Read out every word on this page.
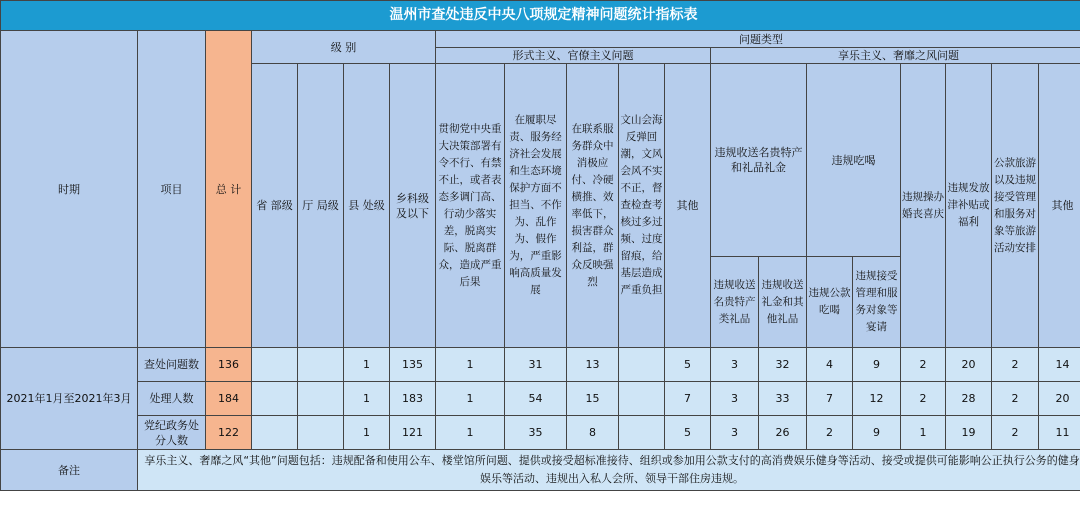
温州市查处违反中央八项规定精神问题统计指标表																			
时期	项目	总 计	级 别				问题类型												
							形式主义、官僚主义问题					享乐主义、奢靡之风问题							
			省 部级	厅 局级	县 处级	乡科级及以下	贯彻党中央重大决策部署有令不行、有禁不止，或者表态多调门高、行动少落实差，脱离实际、脱离群众，造成严重后果	在履职尽责、服务经济社会发展和生态环境保护方面不担当、不作为、乱作为、假作为，严重影响高质量发展	在联系服务群众中消极应付、冷硬横推、效率低下，损害群众利益，群众反映强烈	文山会海反弹回潮，文风会风不实不正，督查检查考核过多过频、过度留痕，给基层造成严重负担	其他	违规收送名贵特产和礼品礼金		违规吃喝		违规操办婚丧喜庆	违规发放津补贴或福利	公款旅游以及违规接受管理和服务对象等旅游活动安排	其他
												违规收送名贵特产类礼品	违规收送礼金和其他礼品	违规公款吃喝	违规接受管理和服务对象等宴请				

2021年1月至2021年3月	查处问题数	136			1	135	1	31	13		5	3	32	4	9	2	20	2	14
	处理人数	184			1	183	1	54	15		7	3	33	7	12	2	28	2	20
	党纪政务处分人数	122			1	121	1	35	8		5	3	26	2	9	1	19	2	11
备注	享乐主义、奢靡之风“其他”问题包括：违规配备和使用公车、楼堂馆所问题、提供或接受超标准接待、组织或参加用公款支付的高消费娱乐健身等活动、接受或提供可能影响公正执行公务的健身娱乐等活动、违规出入私人会所、领导干部住房违规。																		
